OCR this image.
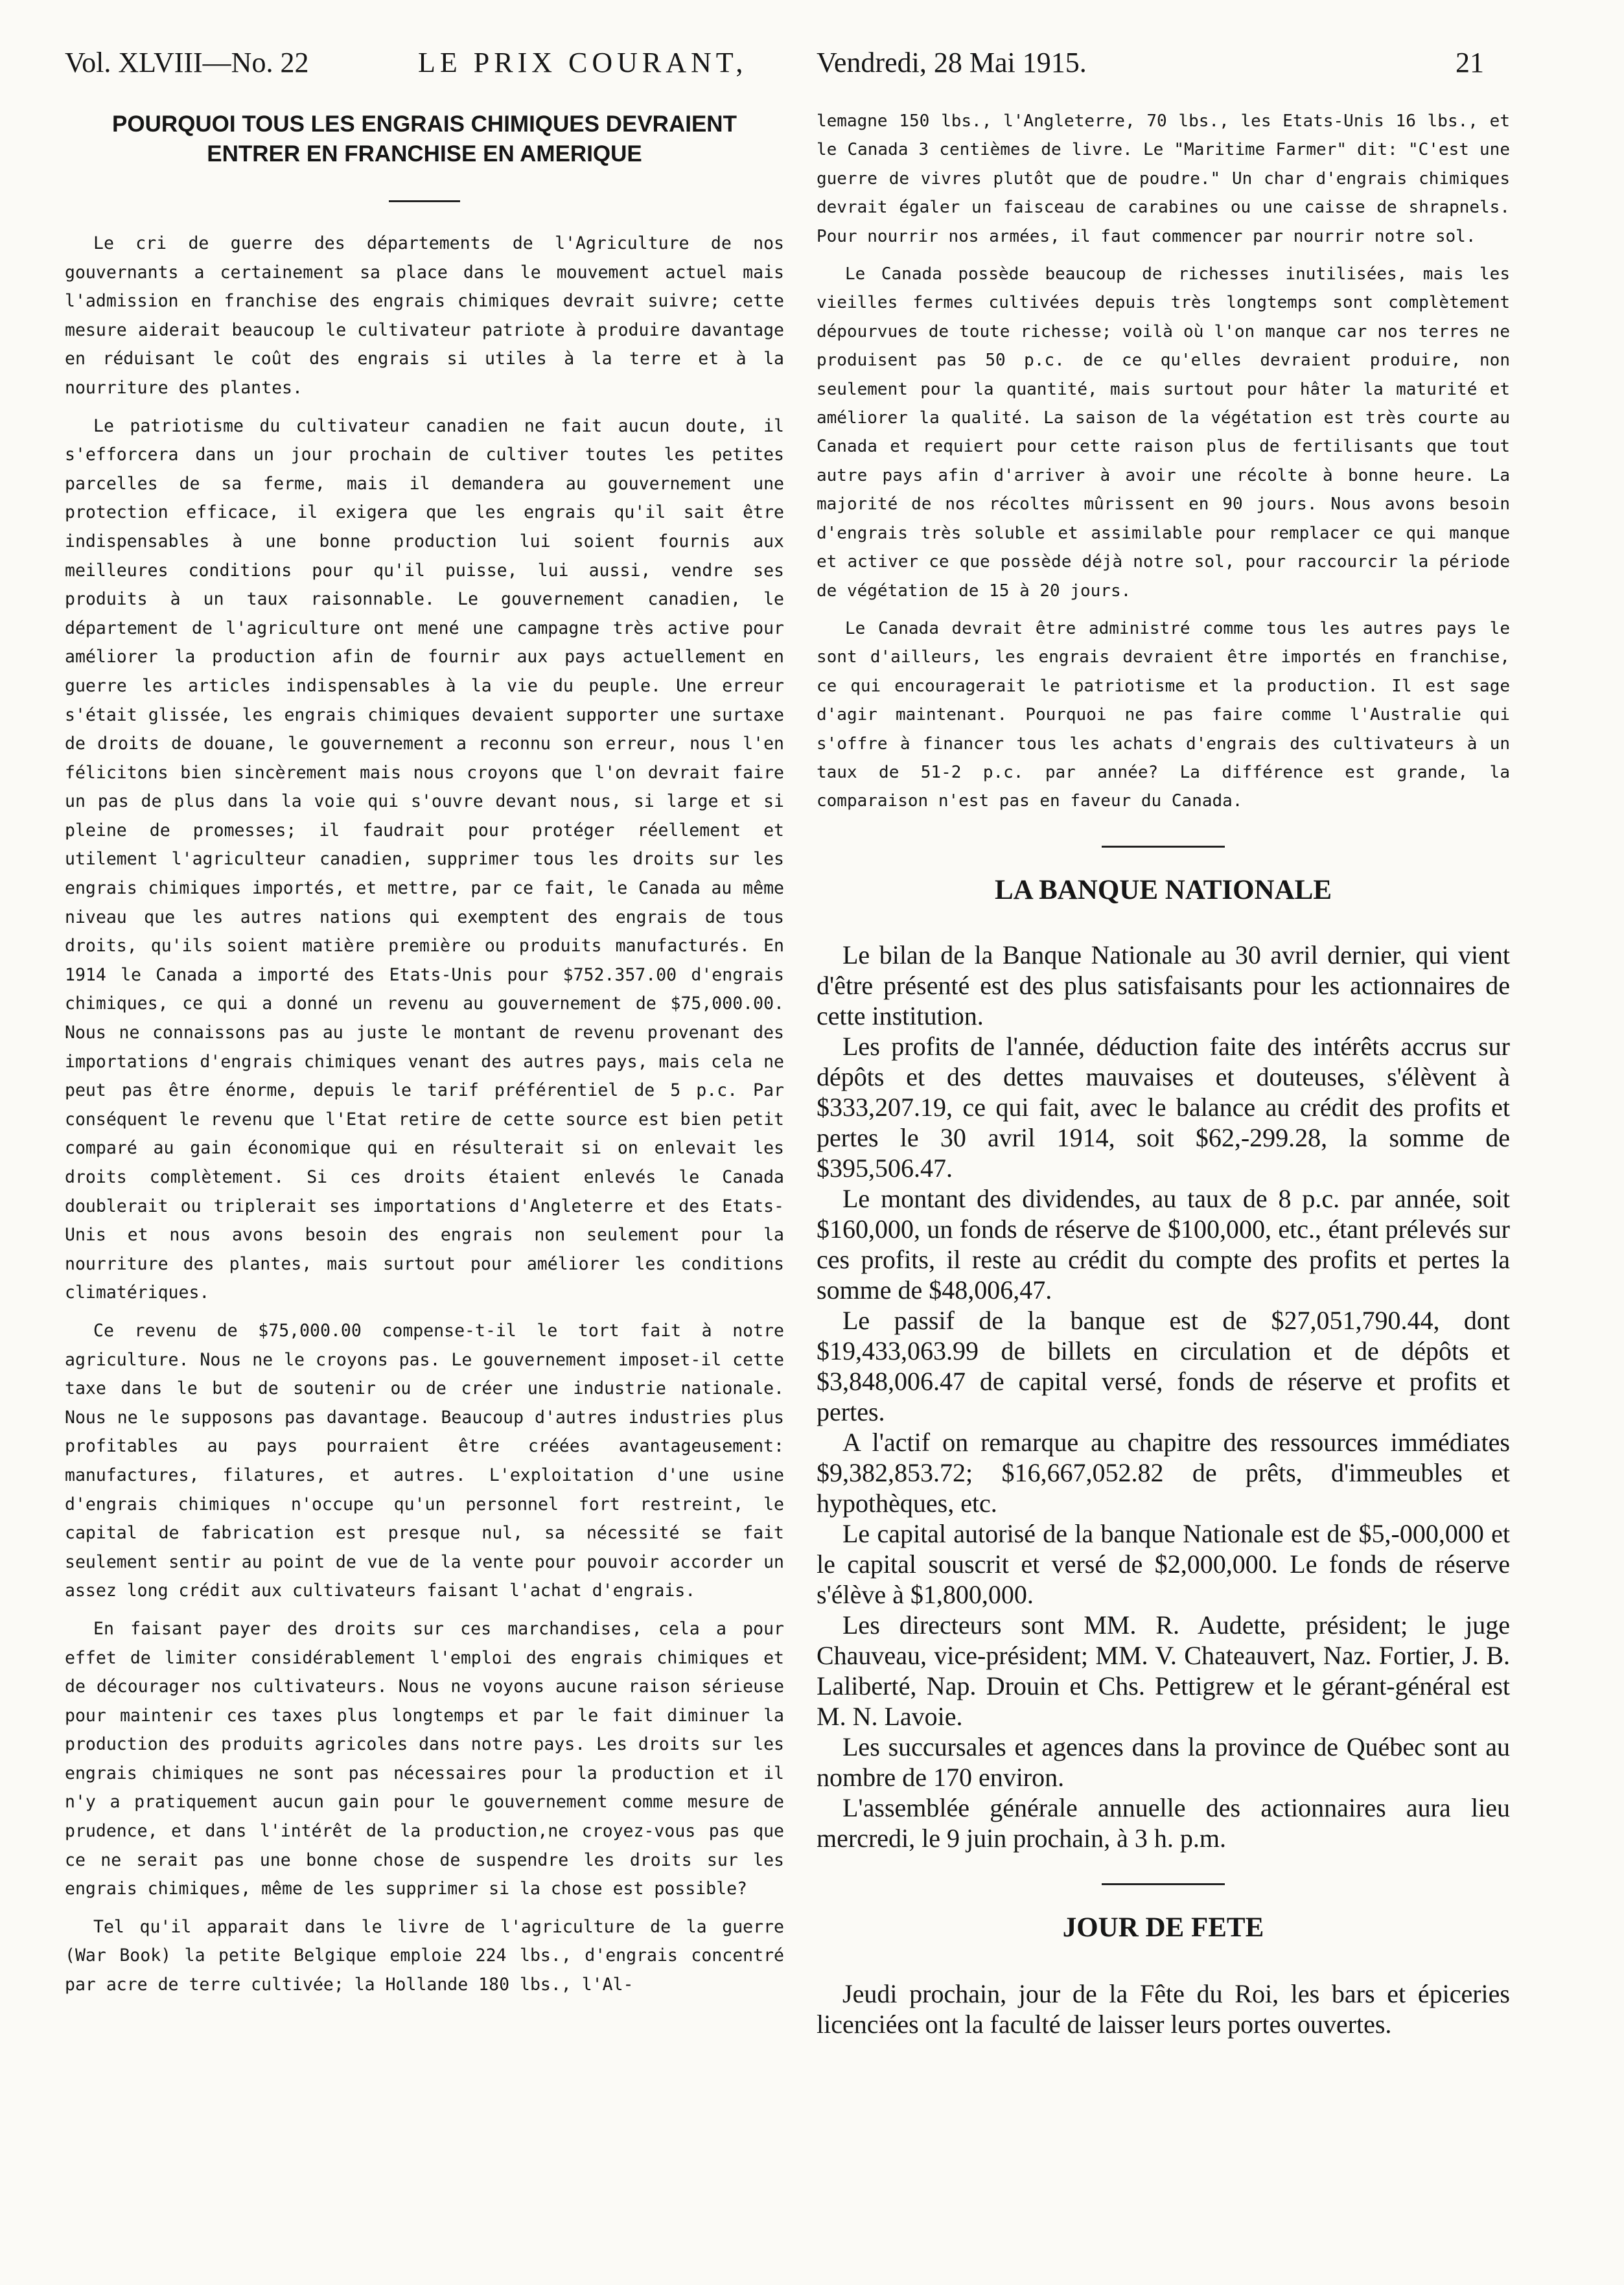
Vol. XLVIII—No. 22	LE PRIX COURANT, Vendredi, 28 Mai 1915.	21
POURQUOI TOUS LES ENGRAIS CHIMIQUES DEVRAIENT ENTRER EN FRANCHISE EN AMERIQUE

Le cri de guerre des départements de l'Agriculture de nos gouvernants a certainement sa place dans le mouvement actuel mais l'admission en franchise des engrais chimiques devrait suivre; cette mesure aiderait beaucoup le cultivateur patriote à produire davantage en réduisant le coût des engrais si utiles à la terre et à la nourriture des plantes.

Le patriotisme du cultivateur canadien ne fait aucun doute, il s'efforcera dans un jour prochain de cultiver toutes les petites parcelles de sa ferme, mais il demandera au gouvernement une protection efficace, il exigera que les engrais qu'il sait être indispensables à une bonne production lui soient fournis aux meilleures conditions pour qu'il puisse, lui aussi, vendre ses produits à un taux raisonnable. Le gouvernement canadien, le département de l'agriculture ont mené une campagne très active pour améliorer la production afin de fournir aux pays actuellement en guerre les articles indispensables à la vie du peuple. Une erreur s'était glissée, les engrais chimiques devaient supporter une surtaxe de droits de douane, le gouvernement a reconnu son erreur, nous l'en félicitons bien sincèrement mais nous croyons que l'on devrait faire un pas de plus dans la voie qui s'ouvre devant nous, si large et si pleine de promesses; il faudrait pour protéger réellement et utilement l'agriculteur canadien, supprimer tous les droits sur les engrais chimiques importés, et mettre, par ce fait, le Canada au même niveau que les autres nations qui exemptent des engrais de tous droits, qu'ils soient matière première ou produits manufacturés. En 1914 le Canada a importé des Etats-Unis pour $752.357.00 d'engrais chimiques, ce qui a donné un revenu au gouvernement de $75,000.00. Nous ne connaissons pas au juste le montant de revenu provenant des importations d'engrais chimiques venant des autres pays, mais cela ne peut pas être énorme, depuis le tarif préférentiel de 5 p.c. Par conséquent le revenu que l'Etat retire de cette source est bien petit comparé au gain économique qui en résulterait si on enlevait les droits complètement. Si ces droits étaient enlevés le Canada doublerait ou triplerait ses importations d'Angleterre et des Etats-Unis et nous avons besoin des engrais non seulement pour la nourriture des plantes, mais surtout pour améliorer les conditions climatériques.

Ce revenu de $75,000.00 compense-t-il le tort fait à notre agriculture. Nous ne le croyons pas. Le gouvernement imposet-il cette taxe dans le but de soutenir ou de créer une industrie nationale. Nous ne le supposons pas davantage. Beaucoup d'autres industries plus profitables au pays pourraient être créées avantageusement: manufactures, filatures, et autres. L'exploitation d'une usine d'engrais chimiques n'occupe qu'un personnel fort restreint, le capital de fabrication est presque nul, sa nécessité se fait seulement sentir au point de vue de la vente pour pouvoir accorder un assez long crédit aux cultivateurs faisant l'achat d'engrais.

En faisant payer des droits sur ces marchandises, cela a pour effet de limiter considérablement l'emploi des engrais chimiques et de décourager nos cultivateurs. Nous ne voyons aucune raison sérieuse pour maintenir ces taxes plus longtemps et par le fait diminuer la production des produits agricoles dans notre pays. Les droits sur les engrais chimiques ne sont pas nécessaires pour la production et il n'y a pratiquement aucun gain pour le gouvernement comme mesure de prudence, et dans l'intérêt de la production,ne croyez-vous pas que ce ne serait pas une bonne chose de suspendre les droits sur les engrais chimiques, même de les supprimer si la chose est possible?

Tel qu'il apparait dans le livre de l'agriculture de la guerre (War Book) la petite Belgique emploie 224 lbs., d'engrais concentré par acre de terre cultivée; la Hollande 180 lbs., l'Al-

lemagne 150 lbs., l'Angleterre, 70 lbs., les Etats-Unis 16 lbs., et le Canada 3 centièmes de livre. Le "Maritime Farmer" dit: "C'est une guerre de vivres plutôt que de poudre." Un char d'engrais chimiques devrait égaler un faisceau de carabines ou une caisse de shrapnels. Pour nourrir nos armées, il faut commencer par nourrir notre sol.

Le Canada possède beaucoup de richesses inutilisées, mais les vieilles fermes cultivées depuis très longtemps sont complètement dépourvues de toute richesse; voilà où l'on manque car nos terres ne produisent pas 50 p.c. de ce qu'elles devraient produire, non seulement pour la quantité, mais surtout pour hâter la maturité et améliorer la qualité. La saison de la végétation est très courte au Canada et requiert pour cette raison plus de fertilisants que tout autre pays afin d'arriver à avoir une récolte à bonne heure. La majorité de nos récoltes mûrissent en 90 jours. Nous avons besoin d'engrais très soluble et assimilable pour remplacer ce qui manque et activer ce que possède déjà notre sol, pour raccourcir la période de végétation de 15 à 20 jours.

Le Canada devrait être administré comme tous les autres pays le sont d'ailleurs, les engrais devraient être importés en franchise, ce qui encouragerait le patriotisme et la production. Il est sage d'agir maintenant. Pourquoi ne pas faire comme l'Australie qui s'offre à financer tous les achats d'engrais des cultivateurs à un taux de 51-2 p.c. par année? La différence est grande, la comparaison n'est pas en faveur du Canada.

LA BANQUE NATIONALE

Le bilan de la Banque Nationale au 30 avril dernier, qui vient d'être présenté est des plus satisfaisants pour les actionnaires de cette institution.

Les profits de l'année, déduction faite des intérêts accrus sur dépôts et des dettes mauvaises et douteuses, s'élèvent à $333,207.19, ce qui fait, avec le balance au crédit des profits et pertes le 30 avril 1914, soit $62,-299.28, la somme de $395,506.47.

Le montant des dividendes, au taux de 8 p.c. par année, soit $160,000, un fonds de réserve de $100,000, etc., étant prélevés sur ces profits, il reste au crédit du compte des profits et pertes la somme de $48,006,47.

Le passif de la banque est de $27,051,790.44, dont $19,433,063.99 de billets en circulation et de dépôts et $3,848,006.47 de capital versé, fonds de réserve et profits et pertes.

A l'actif on remarque au chapitre des ressources immédiates $9,382,853.72; $16,667,052.82 de prêts, d'immeubles et hypothèques, etc.

Le capital autorisé de la banque Nationale est de $5,-000,000 et le capital souscrit et versé de $2,000,000. Le fonds de réserve s'élève à $1,800,000.

Les directeurs sont MM. R. Audette, président; le juge Chauveau, vice-président; MM. V. Chateauvert, Naz. Fortier, J. B. Laliberté, Nap. Drouin et Chs. Pettigrew et le gérant-général est M. N. Lavoie.

Les succursales et agences dans la province de Québec sont au nombre de 170 environ.

L'assemblée générale annuelle des actionnaires aura lieu mercredi, le 9 juin prochain, à 3 h. p.m.

JOUR DE FETE

Jeudi prochain, jour de la Fête du Roi, les bars et épiceries licenciées ont la faculté de laisser leurs portes ouvertes.
